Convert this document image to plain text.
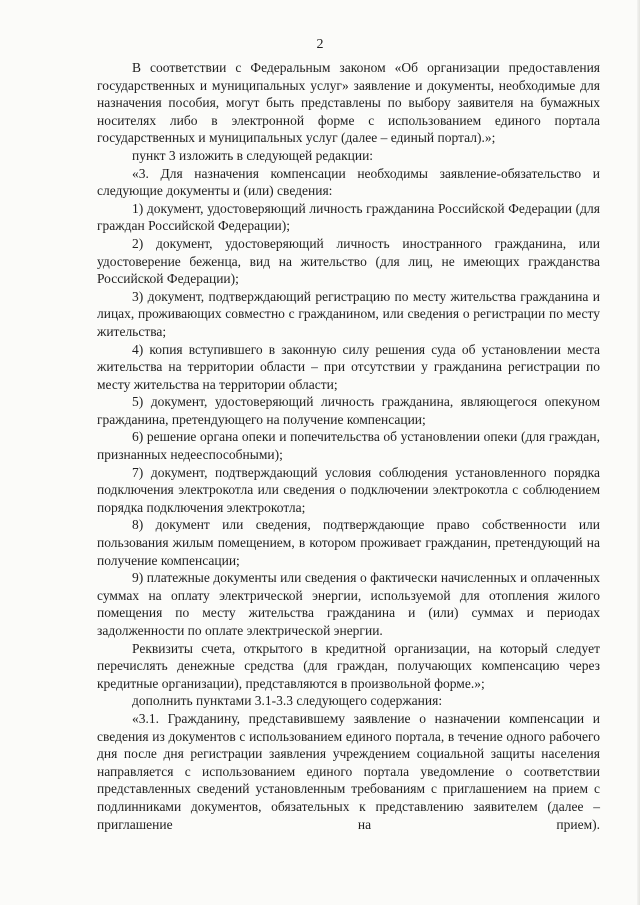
2

В соответствии с Федеральным законом «Об организации предоставления государственных и муниципальных услуг» заявление и документы, необходимые для назначения пособия, могут быть представлены по выбору заявителя на бумажных носителях либо в электронной форме с использованием единого портала государственных и муниципальных услуг (далее – единый портал).»;

пункт 3 изложить в следующей редакции:

«3. Для назначения компенсации необходимы заявление-обязательство и следующие документы и (или) сведения:

1) документ, удостоверяющий личность гражданина Российской Федерации (для граждан Российской Федерации);

2) документ, удостоверяющий личность иностранного гражданина, или удостоверение беженца, вид на жительство (для лиц, не имеющих гражданства Российской Федерации);

3) документ, подтверждающий регистрацию по месту жительства гражданина и лицах, проживающих совместно с гражданином, или сведения о регистрации по месту жительства;

4) копия вступившего в законную силу решения суда об установлении места жительства на территории области – при отсутствии у гражданина регистрации по месту жительства на территории области;

5) документ, удостоверяющий личность гражданина, являющегося опекуном гражданина, претендующего на получение компенсации;

6) решение органа опеки и попечительства об установлении опеки (для граждан, признанных недееспособными);

7) документ, подтверждающий условия соблюдения установленного порядка подключения электрокотла или сведения о подключении электрокотла с соблюдением порядка подключения электрокотла;

8) документ или сведения, подтверждающие право собственности или пользования жилым помещением, в котором проживает гражданин, претендующий на получение компенсации;

9) платежные документы или сведения о фактически начисленных и оплаченных суммах на оплату электрической энергии, используемой для отопления жилого помещения по месту жительства гражданина и (или) суммах и периодах задолженности по оплате электрической энергии.

Реквизиты счета, открытого в кредитной организации, на который следует перечислять денежные средства (для граждан, получающих компенсацию через кредитные организации), представляются в произвольной форме.»;

дополнить пунктами 3.1-3.3 следующего содержания:

«3.1. Гражданину, представившему заявление о назначении компенсации и сведения из документов с использованием единого портала, в течение одного рабочего дня после дня регистрации заявления учреждением социальной защиты населения направляется с использованием единого портала уведомление о соответствии представленных сведений установленным требованиям с приглашением на прием с подлинниками документов, обязательных к представлению заявителем (далее – приглашение на прием).
